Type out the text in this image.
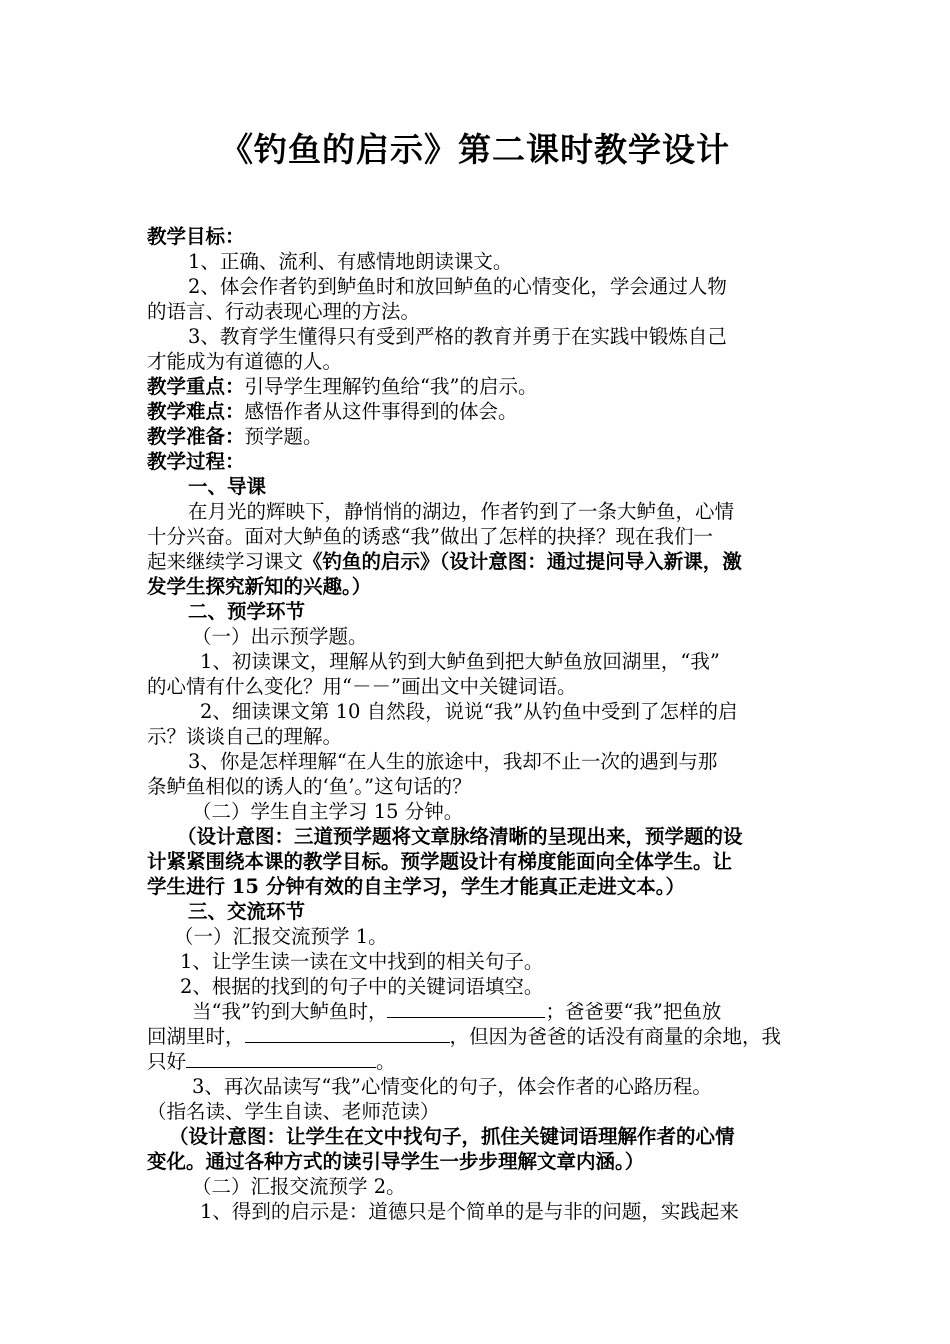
《钓鱼的启示》第二课时教学设计
教学目标：
1、正确、流利、有感情地朗读课文。
2、体会作者钓到鲈鱼时和放回鲈鱼的心情变化，学会通过人物
的语言、行动表现心理的方法。
3、教育学生懂得只有受到严格的教育并勇于在实践中锻炼自己
才能成为有道德的人。
教学重点：引导学生理解钓鱼给“我”的启示。
教学难点：感悟作者从这件事得到的体会。
教学准备：预学题。
教学过程：
一、导课
在月光的辉映下，静悄悄的湖边，作者钓到了一条大鲈鱼，心情
十分兴奋。面对大鲈鱼的诱惑“我”做出了怎样的抉择？现在我们一
起来继续学习课文《钓鱼的启示》（设计意图：通过提问导入新课，激
发学生探究新知的兴趣。）
二、预学环节
（一）出示预学题。
1、初读课文，理解从钓到大鲈鱼到把大鲈鱼放回湖里，“我”
的心情有什么变化？用“－－”画出文中关键词语。
2、细读课文第 10 自然段，说说“我”从钓鱼中受到了怎样的启
示？谈谈自己的理解。
3、你是怎样理解“在人生的旅途中，我却不止一次的遇到与那
条鲈鱼相似的诱人的‘鱼’。”这句话的？
（二）学生自主学习 15 分钟。
（设计意图：三道预学题将文章脉络清晰的呈现出来，预学题的设
计紧紧围绕本课的教学目标。预学题设计有梯度能面向全体学生。让
学生进行 15 分钟有效的自主学习，学生才能真正走进文本。）
三、交流环节
（一）汇报交流预学 1。
1、让学生读一读在文中找到的相关句子。
2、根据的找到的句子中的关键词语填空。
当“我”钓到大鲈鱼时，	；爸爸要“我”把鱼放
回湖里时，	，但因为爸爸的话没有商量的余地，我
只好	。
3、再次品读写“我”心情变化的句子，体会作者的心路历程。
（指名读、学生自读、老师范读）
（设计意图：让学生在文中找句子，抓住关键词语理解作者的心情
变化。通过各种方式的读引导学生一步步理解文章内涵。）
（二）汇报交流预学 2。
1、得到的启示是：道德只是个简单的是与非的问题，实践起来
